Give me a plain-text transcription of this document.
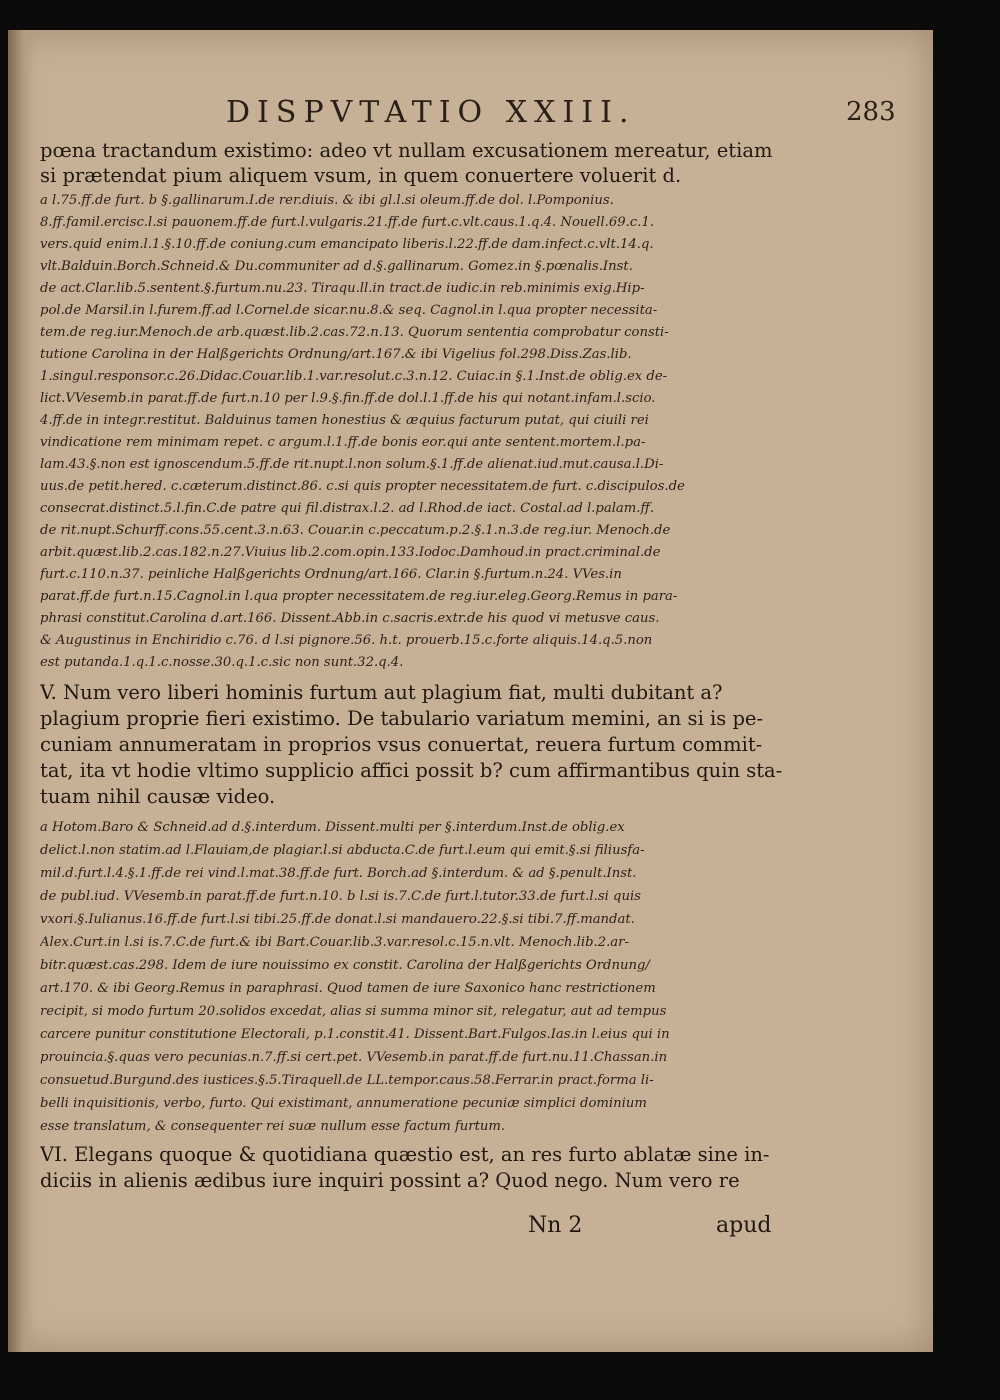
DISPVTATIO XXIII.	283
pœna tractandum existimo: adeo vt nullam excusationem mereatur, etiam
si prætendat pium aliquem vsum, in quem conuertere voluerit d.
a l.75.ff.de furt. b §.gallinarum.I.de rer.diuis. & ibi gl.l.si oleum.ff.de dol. l.Pomponius.
8.ff.famil.ercisc.l.si pauonem.ff.de furt.l.vulgaris.21.ff.de furt.c.vlt.caus.1.q.4. Nouell.69.c.1.
vers.quid enim.l.1.§.10.ff.de coniung.cum emancipato liberis.l.22.ff.de dam.infect.c.vlt.14.q.
vlt.Balduin.Borch.Schneid.& Du.communiter ad d.§.gallinarum. Gomez.in §.pœnalis.Inst.
de act.Clar.lib.5.sentent.§.furtum.nu.23. Tiraqu.ll.in tract.de iudic.in reb.minimis exig.Hip-
pol.de Marsil.in l.furem.ff.ad l.Cornel.de sicar.nu.8.& seq. Cagnol.in l.qua propter necessita-
tem.de reg.iur.Menoch.de arb.quæst.lib.2.cas.72.n.13. Quorum sententia comprobatur consti-
tutione Carolina in der Halßgerichts Ordnung/art.167.& ibi Vigelius fol.298.Diss.Zas.lib.
1.singul.responsor.c.26.Didac.Couar.lib.1.var.resolut.c.3.n.12. Cuiac.in §.1.Inst.de oblig.ex de-
lict.VVesemb.in parat.ff.de furt.n.10 per l.9.§.fin.ff.de dol.l.1.ff.de his qui notant.infam.l.scio.
4.ff.de in integr.restitut. Balduinus tamen honestius & æquius facturum putat, qui ciuili rei
vindicatione rem minimam repet. c argum.l.1.ff.de bonis eor.qui ante sentent.mortem.l.pa-
lam.43.§.non est ignoscendum.5.ff.de rit.nupt.l.non solum.§.1.ff.de alienat.iud.mut.causa.l.Di-
uus.de petit.hered. c.cæterum.distinct.86. c.si quis propter necessitatem.de furt. c.discipulos.de
consecrat.distinct.5.l.fin.C.de patre qui fil.distrax.l.2. ad l.Rhod.de iact. Costal.ad l.palam.ff.
de rit.nupt.Schurff.cons.55.cent.3.n.63. Couar.in c.peccatum.p.2.§.1.n.3.de reg.iur. Menoch.de
arbit.quæst.lib.2.cas.182.n.27.Viuius lib.2.com.opin.133.Iodoc.Damhoud.in pract.criminal.de
furt.c.110.n.37. peinliche Halßgerichts Ordnung/art.166. Clar.in §.furtum.n.24. VVes.in
parat.ff.de furt.n.15.Cagnol.in l.qua propter necessitatem.de reg.iur.eleg.Georg.Remus in para-
phrasi constitut.Carolina d.art.166. Dissent.Abb.in c.sacris.extr.de his quod vi metusve caus.
& Augustinus in Enchiridio c.76. d l.si pignore.56. h.t. prouerb.15.c.forte aliquis.14.q.5.non
est putanda.1.q.1.c.nosse.30.q.1.c.sic non sunt.32.q.4.
V. Num vero liberi hominis furtum aut plagium fiat, multi dubitant a?
plagium proprie fieri existimo. De tabulario variatum memini, an si is pe-
cuniam annumeratam in proprios vsus conuertat, reuera furtum commit-
tat, ita vt hodie vltimo supplicio affici possit b? cum affirmantibus quin sta-
tuam nihil causæ video.
a Hotom.Baro & Schneid.ad d.§.interdum. Dissent.multi per §.interdum.Inst.de oblig.ex
delict.l.non statim.ad l.Flauiam,de plagiar.l.si abducta.C.de furt.l.eum qui emit.§.si filiusfa-
mil.d.furt.l.4.§.1.ff.de rei vind.l.mat.38.ff.de furt. Borch.ad §.interdum. & ad §.penult.Inst.
de publ.iud. VVesemb.in parat.ff.de furt.n.10. b l.si is.7.C.de furt.l.tutor.33.de furt.l.si quis
vxori.§.Iulianus.16.ff.de furt.l.si tibi.25.ff.de donat.l.si mandauero.22.§.si tibi.7.ff.mandat.
Alex.Curt.in l.si is.7.C.de furt.& ibi Bart.Couar.lib.3.var.resol.c.15.n.vlt. Menoch.lib.2.ar-
bitr.quæst.cas.298. Idem de iure nouissimo ex constit. Carolina der Halßgerichts Ordnung/
art.170. & ibi Georg.Remus in paraphrasi. Quod tamen de iure Saxonico hanc restrictionem
recipit, si modo furtum 20.solidos excedat, alias si summa minor sit, relegatur, aut ad tempus
carcere punitur constitutione Electorali, p.1.constit.41. Dissent.Bart.Fulgos.Ias.in l.eius qui in
prouincia.§.quas vero pecunias.n.7.ff.si cert.pet. VVesemb.in parat.ff.de furt.nu.11.Chassan.in
consuetud.Burgund.des iustices.§.5.Tiraquell.de LL.tempor.caus.58.Ferrar.in pract.forma li-
belli inquisitionis, verbo, furto. Qui existimant, annumeratione pecuniæ simplici dominium
esse translatum, & consequenter rei suæ nullum esse factum furtum.
VI. Elegans quoque & quotidiana quæstio est, an res furto ablatæ sine in-
diciis in alienis ædibus iure inquiri possint a? Quod nego. Num vero re
Nn 2	apud
